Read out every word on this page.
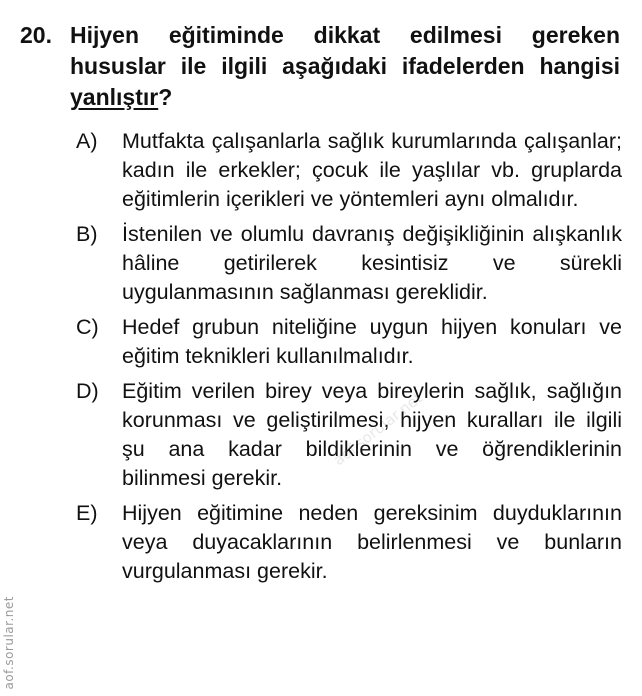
20. Hijyen eğitiminde dikkat edilmesi gereken hususlar ile ilgili aşağıdaki ifadelerden hangisi yanlıştır?
A)	Mutfakta çalışanlarla sağlık kurumlarında çalışanlar; kadın ile erkekler; çocuk ile yaşlılar vb. gruplarda eğitimlerin içerikleri ve yöntemleri aynı olmalıdır.
B)	İstenilen ve olumlu davranış değişikliğinin alışkanlık hâline getirilerek kesintisiz ve sürekli uygulanmasının sağlanması gereklidir.
C)	Hedef grubun niteliğine uygun hijyen konuları ve eğitim teknikleri kullanılmalıdır.
D)	Eğitim verilen birey veya bireylerin sağlık, sağlığın korunması ve geliştirilmesi, hijyen kuralları ile ilgili şu ana kadar bildiklerinin ve öğrendiklerinin bilinmesi gerekir.
E)	Hijyen eğitimine neden gereksinim duyduklarının veya duyacaklarının belirlenmesi ve bunların vurgulanması gerekir.
aof.sorular.net
aof.sorular.net
